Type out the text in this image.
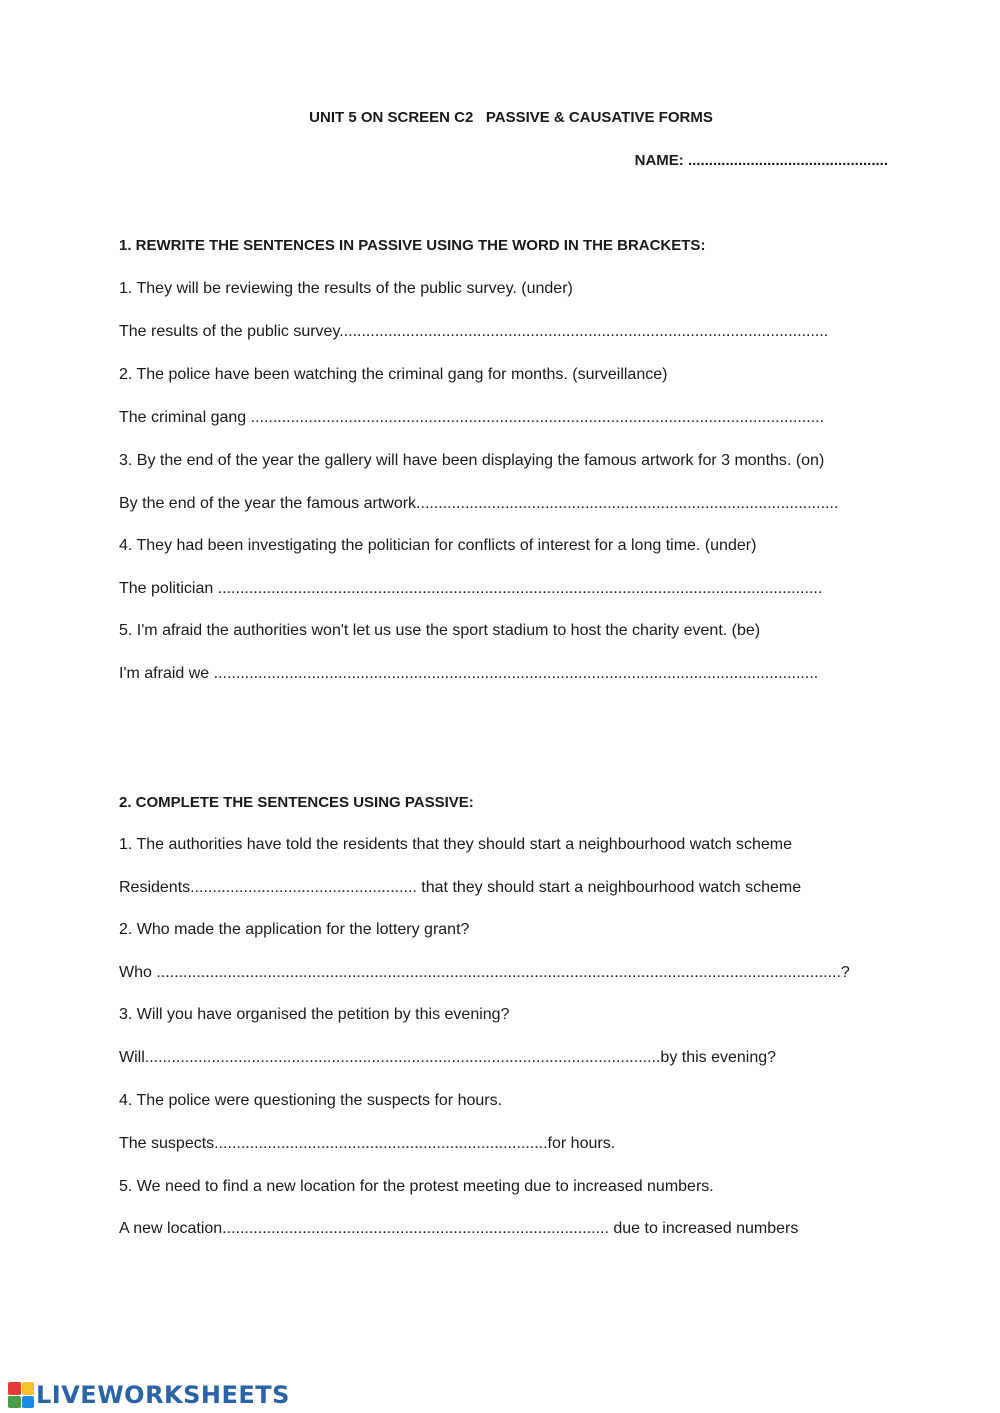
UNIT 5 ON SCREEN C2   PASSIVE & CAUSATIVE FORMS
NAME: ................................................
1. REWRITE THE SENTENCES IN PASSIVE USING THE WORD IN THE BRACKETS:
1. They will be reviewing the results of the public survey. (under)
The results of the public survey..............................................................................................................
2. The police have been watching the criminal gang for months. (surveillance)
The criminal gang .................................................................................................................................
3. By the end of the year the gallery will have been displaying the famous artwork for 3 months. (on)
By the end of the year the famous artwork...............................................................................................
4. They had been investigating the politician for conflicts of interest for a long time. (under)
The politician ........................................................................................................................................
5. I'm afraid the authorities won't let us use the sport stadium to host the charity event. (be)
I'm afraid we ........................................................................................................................................
2. COMPLETE THE SENTENCES USING PASSIVE:
1. The authorities have told the residents that they should start a neighbourhood watch scheme
Residents................................................... that they should start a neighbourhood watch scheme
2. Who made the application for the lottery grant?
Who ..........................................................................................................................................................?
3. Will you have organised the petition by this evening?
Will....................................................................................................................by this evening?
4. The police were questioning the suspects for hours.
The suspects...........................................................................for hours.
5. We need to find a new location for the protest meeting due to increased numbers.
A new location....................................................................................... due to increased numbers
LIVEWORKSHEETS
